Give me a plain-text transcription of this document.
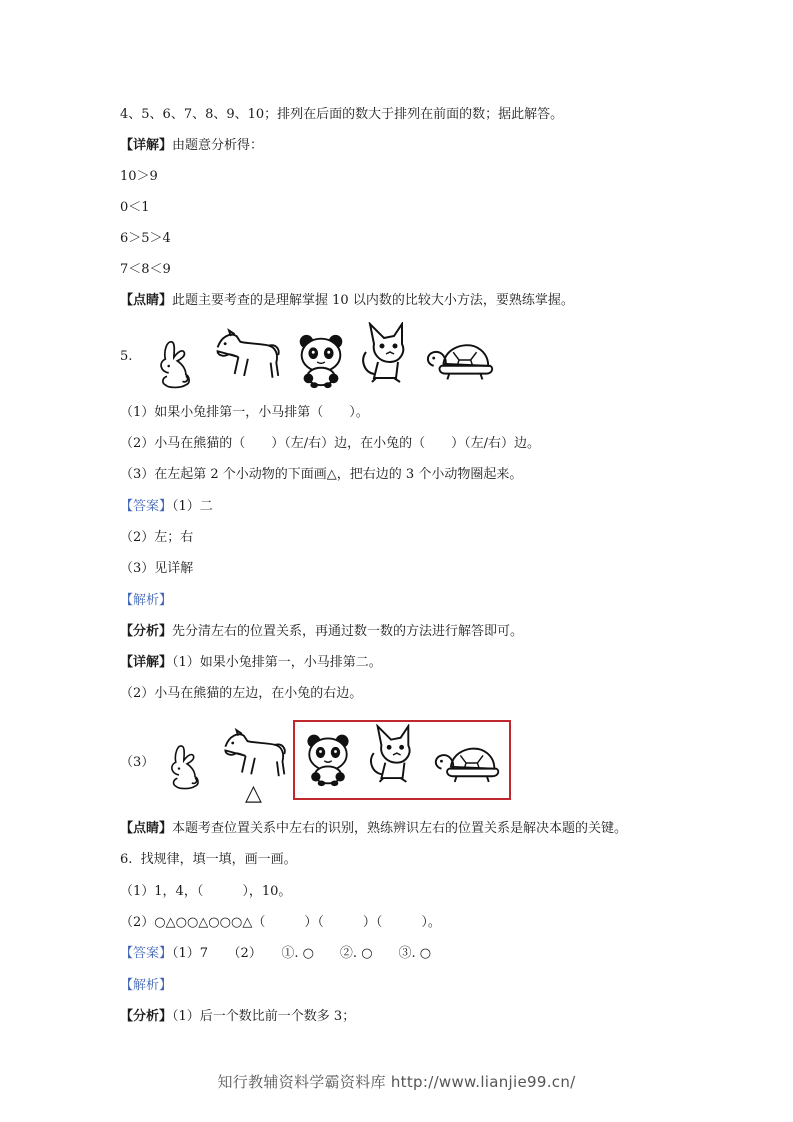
4、5、6、7、8、9、10；排列在后面的数大于排列在前面的数；据此解答。
【详解】由题意分析得：
10＞9
0＜1
6＞5＞4
7＜8＜9
【点睛】此题主要考查的是理解掌握 10 以内数的比较大小方法，要熟练掌握。
5.
（1）如果小兔排第一，小马排第（　　）。
（2）小马在熊猫的（　　）（左/右）边，在小兔的（　　）（左/右）边。
（3）在左起第 2 个小动物的下面画△，把右边的 3 个小动物圈起来。
【答案】（1）二
（2）左；右
（3）见详解
【解析】
【分析】先分清左右的位置关系，再通过数一数的方法进行解答即可。
【详解】（1）如果小兔排第一，小马排第二。
（2）小马在熊猫的左边，在小兔的右边。
（3）
△
【点睛】本题考查位置关系中左右的识别，熟练辨识左右的位置关系是解决本题的关键。
6.  找规律，填一填，画一画。
（1）1，4，（　　　），10。
（2）○△○○△○○○△（　　　）（　　　）（　　　）。
【答案】（1）7　　（2）　　①. ○　　②. ○　　③. ○
【解析】
【分析】（1）后一个数比前一个数多 3；
知行教辅资料学霸资料库 http://www.lianjie99.cn/
